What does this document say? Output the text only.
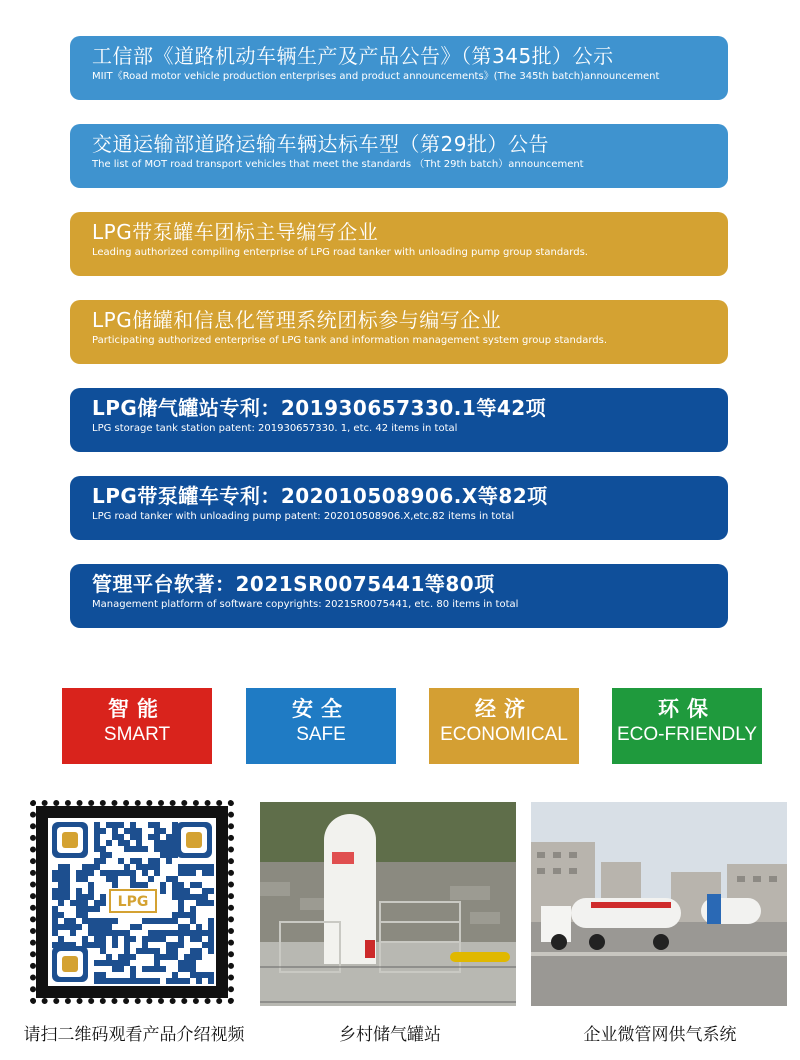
工信部《道路机动车辆生产及产品公告》（第345批）公示
MIIT《Road motor vehicle production enterprises and product announcements》(The 345th batch)announcement
交通运输部道路运输车辆达标车型（第29批）公告
The list of MOT road transport vehicles that meet the standards （Tht 29th batch）announcement
LPG带泵罐车团标主导编写企业
Leading authorized compiling enterprise of LPG road tanker with unloading pump group standards.
LPG储罐和信息化管理系统团标参与编写企业
Participating authorized enterprise of LPG tank and information management system group standards.
LPG储气罐站专利：201930657330.1等42项
LPG storage tank station patent: 201930657330. 1, etc. 42 items in total
LPG带泵罐车专利：202010508906.X等82项
LPG road tanker with unloading pump patent: 202010508906.X,etc.82 items in total
管理平台软著：2021SR0075441等80项
Management platform of software copyrights: 2021SR0075441, etc. 80 items in total
智能
SMART
安全
SAFE
经济
ECONOMICAL
环保
ECO-FRIENDLY
LPG
请扫二维码观看产品介绍视频	乡村储气罐站	企业微管网供气系统
